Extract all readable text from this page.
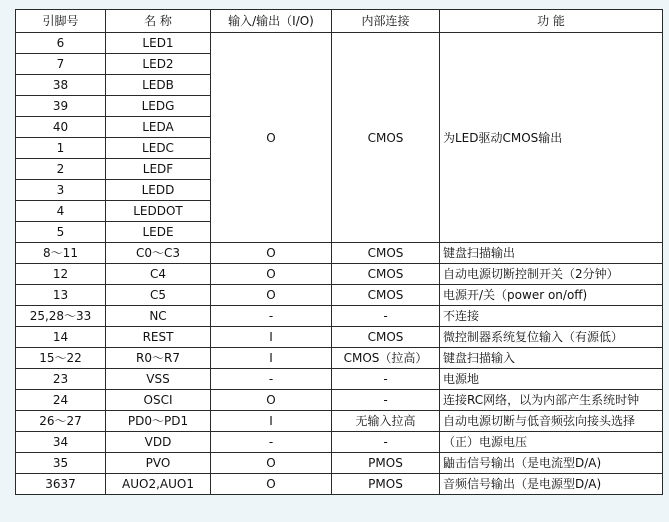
引脚号	名 称	输入/输出（I/O)	内部连接	功 能
6	LED1	O	CMOS	为LED驱动CMOS输出
7	LED2			
38	LEDB			
39	LEDG			
40	LEDA			
1	LEDC			
2	LEDF			
3	LEDD			
4	LEDDOT			
5	LEDE			
8～11	C0～C3	O	CMOS	键盘扫描输出
12	C4	O	CMOS	自动电源切断控制开关（2分钟）
13	C5	O	CMOS	电源开/关（power on/off)
25,28～33	NC	-	-	不连接
14	REST	I	CMOS	微控制器系统复位输入（有源低）
15～22	R0～R7	I	CMOS（拉高）	键盘扫描输入
23	VSS	-	-	电源地
24	OSCI	O	-	连接RC网络，以为内部产生系统时钟
26～27	PD0～PD1	I	无输入拉高	自动电源切断与低音频弦向接头选择
34	VDD	-	-	（正）电源电压
35	PVO	O	PMOS	鼬击信号输出（是电流型D/A)
3637	AUO2,AUO1	O	PMOS	音频信号输出（是电源型D/A)
